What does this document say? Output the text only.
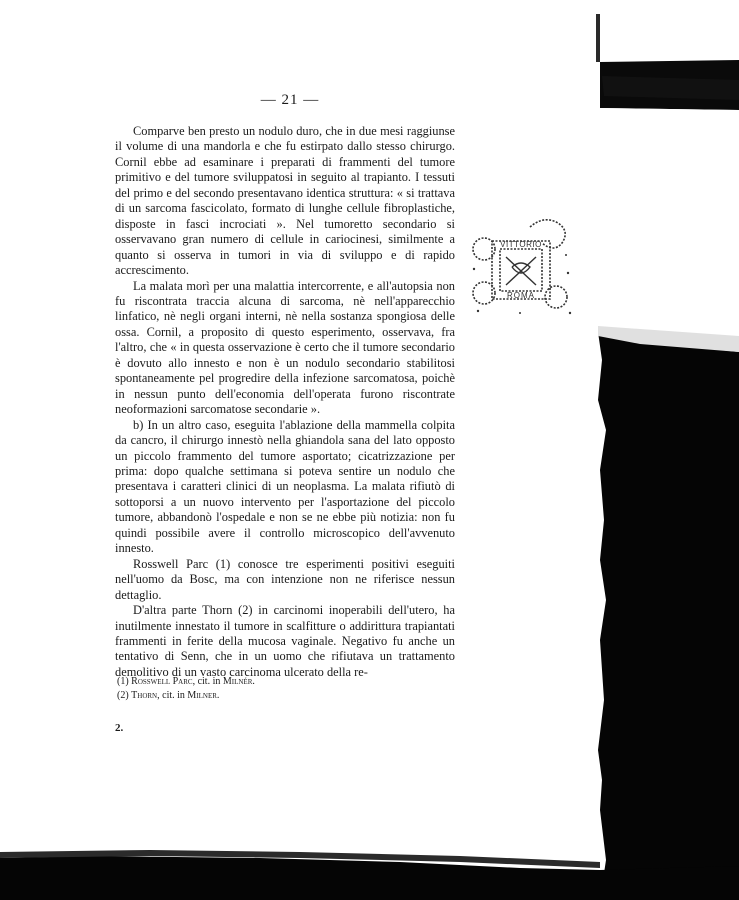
— 21 —

Comparve ben presto un nodulo duro, che in due mesi raggiunse il volume di una mandorla e che fu estirpato dallo stesso chirurgo. Cornil ebbe ad esaminare i preparati di frammenti del tumore primitivo e del tumore sviluppatosi in seguito al trapianto. I tessuti del primo e del secondo presentavano identica struttura: « si trattava di un sarcoma fascicolato, formato di lunghe cellule fibroplastiche, disposte in fasci incrociati ». Nel tumoretto secondario si osservavano gran numero di cellule in cariocinesi, similmente a quanto si osserva in tumori in via di sviluppo e di rapido accrescimento.

La malata morì per una malattia intercorrente, e all'autopsia non fu riscontrata traccia alcuna di sarcoma, nè nell'apparecchio linfatico, nè negli organi interni, nè nella sostanza spongiosa delle ossa. Cornil, a proposito di questo esperimento, osservava, fra l'altro, che « in questa osservazione è certo che il tumore secondario è dovuto allo innesto e non è un nodulo secondario stabilitosi spontaneamente pel progredire della infezione sarcomatosa, poichè in nessun punto dell'economia dell'operata furono riscontrate neoformazioni sarcomatose secondarie ».

b) In un altro caso, eseguita l'ablazione della mammella colpita da cancro, il chirurgo innestò nella ghiandola sana del lato opposto un piccolo frammento del tumore asportato; cicatrizzazione per prima: dopo qualche settimana si poteva sentire un nodulo che presentava i caratteri clinici di un neoplasma. La malata rifiutò di sottoporsi a un nuovo intervento per l'asportazione del piccolo tumore, abbandonò l'ospedale e non se ne ebbe più notizia: non fu quindi possibile avere il controllo microscopico dell'avvenuto innesto.

Rosswell Parc (1) conosce tre esperimenti positivi eseguiti nell'uomo da Bosc, ma con intenzione non ne riferisce nessun dettaglio.

D'altra parte Thorn (2) in carcinomi inoperabili dell'utero, ha inutilmente innestato il tumore in scalfitture o addirittura trapiantati frammenti in ferite della mucosa vaginale. Negativo fu anche un tentativo di Senn, che in un uomo che rifiutava un trattamento demolitivo di un vasto carcinoma ulcerato della re-

(1) Rosswell Parc, cit. in Milnér.

(2) Thorn, cit. in Milner.

2.
VITTORIO
ROMA
